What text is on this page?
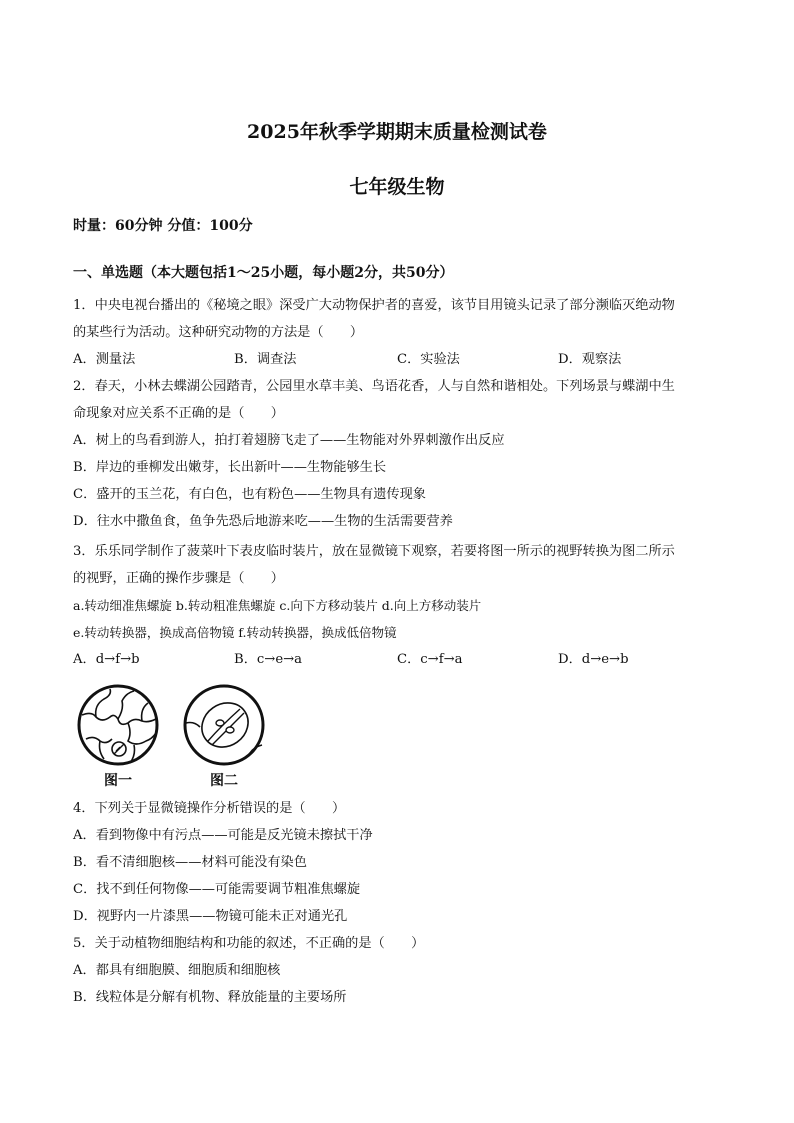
2025年秋季学期期末质量检测试卷
七年级生物
时量：60分钟 分值：100分
一、单选题（本大题包括1～25小题，每小题2分，共50分）
1．中央电视台播出的《秘境之眼》深受广大动物保护者的喜爱，该节目用镜头记录了部分濒临灭绝动物
的某些行为活动。这种研究动物的方法是（　　）
A．测量法	B．调查法	C．实验法	D．观察法
2．春天，小林去蝶湖公园踏青，公园里水草丰美、鸟语花香，人与自然和谐相处。下列场景与蝶湖中生
命现象对应关系不正确的是（　　）
A．树上的鸟看到游人，拍打着翅膀飞走了——生物能对外界刺激作出反应
B．岸边的垂柳发出嫩芽，长出新叶——生物能够生长
C．盛开的玉兰花，有白色，也有粉色——生物具有遗传现象
D．往水中撒鱼食，鱼争先恐后地游来吃——生物的生活需要营养
3．乐乐同学制作了菠菜叶下表皮临时装片，放在显微镜下观察，若要将图一所示的视野转换为图二所示
的视野，正确的操作步骤是（　　）
a.转动细准焦螺旋 b.转动粗准焦螺旋 c.向下方移动装片 d.向上方移动装片
e.转动转换器，换成高倍物镜 f.转动转换器，换成低倍物镜
A．d→f→b	B．c→e→a	C．c→f→a	D．d→e→b
图一	图二
4．下列关于显微镜操作分析错误的是（　　）
A．看到物像中有污点——可能是反光镜未擦拭干净
B．看不清细胞核——材料可能没有染色
C．找不到任何物像——可能需要调节粗准焦螺旋
D．视野内一片漆黑——物镜可能未正对通光孔
5．关于动植物细胞结构和功能的叙述，不正确的是（　　）
A．都具有细胞膜、细胞质和细胞核
B．线粒体是分解有机物、释放能量的主要场所
